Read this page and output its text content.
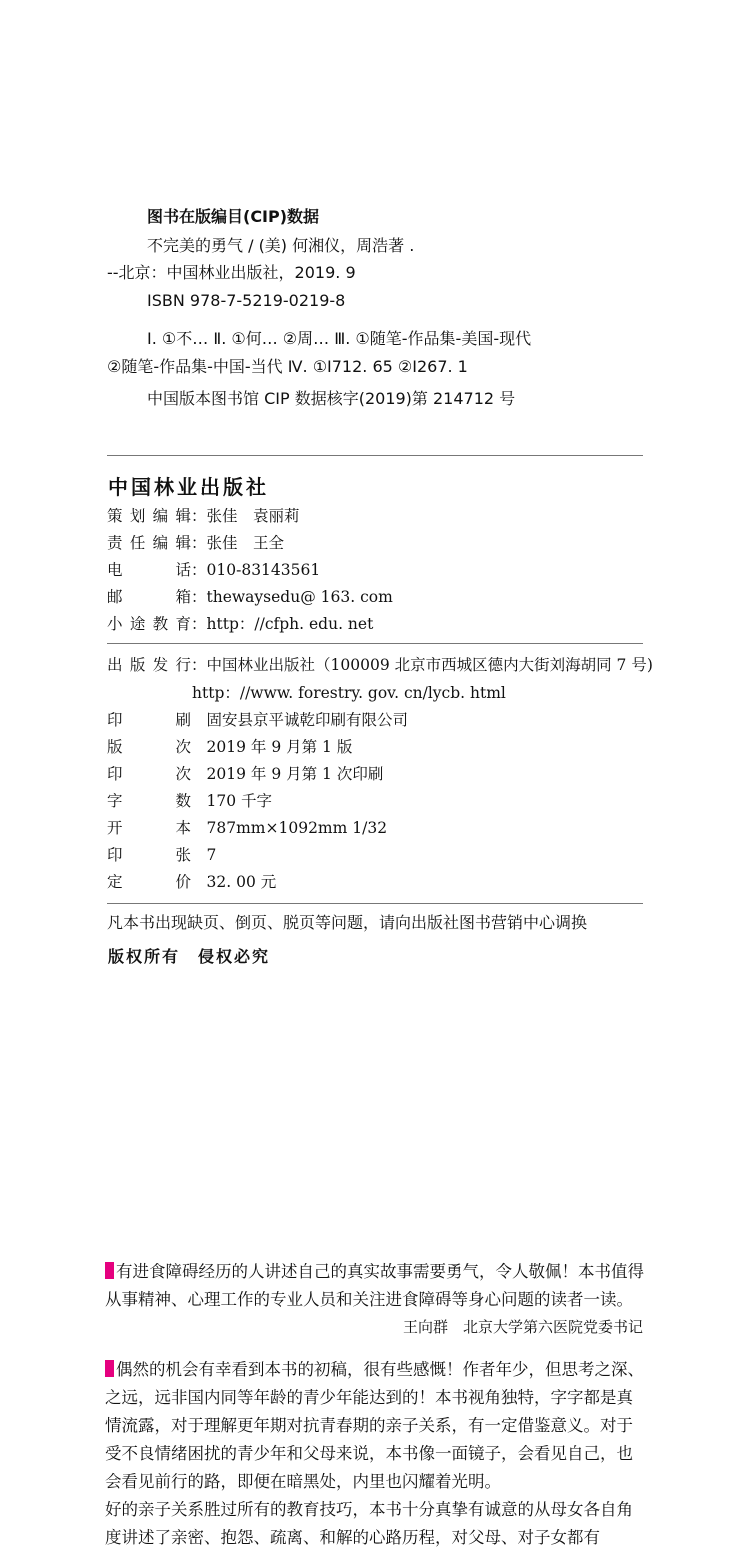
图书在版编目(CIP)数据
不完美的勇气 / (美) 何湘仪，周浩著 .
--北京：中国林业出版社，2019. 9
ISBN 978-7-5219-0219-8
Ⅰ. ①不… Ⅱ. ①何… ②周… Ⅲ. ①随笔-作品集-美国-现代
②随笔-作品集-中国-当代 Ⅳ. ①I712. 65 ②I267. 1
中国版本图书馆 CIP 数据核字(2019)第 214712 号
中国林业出版社
策划编辑：张佳　袁丽莉
责任编辑：张佳　王全
电　　话：010-83143561
邮　　箱：thewaysedu@ 163. com
小途教育：http：//cfph. edu. net
出版发行：中国林业出版社（100009 北京市西城区德内大街刘海胡同 7 号)
http：//www. forestry. gov. cn/lycb. html
印　　刷　 固安县京平诚乾印刷有限公司
版　　次　 2019 年 9 月第 1 版
印　　次　 2019 年 9 月第 1 次印刷
字　　数　 170 千字
开　　本　 787mm×1092mm 1/32
印　　张　 7
定　　价　 32. 00 元
凡本书出现缺页、倒页、脱页等问题，请向出版社图书营销中心调换
版权所有　侵权必究
有进食障碍经历的人讲述自己的真实故事需要勇气，令人敬佩！本书值得从事精神、心理工作的专业人员和关注进食障碍等身心问题的读者一读。
王向群　北京大学第六医院党委书记
偶然的机会有幸看到本书的初稿，很有些感慨！作者年少，但思考之深、之远，远非国内同等年龄的青少年能达到的！本书视角独特，字字都是真情流露，对于理解更年期对抗青春期的亲子关系，有一定借鉴意义。对于受不良情绪困扰的青少年和父母来说，本书像一面镜子，会看见自己，也会看见前行的路，即便在暗黑处，内里也闪耀着光明。
好的亲子关系胜过所有的教育技巧，本书十分真挚有诚意的从母女各自角度讲述了亲密、抱怨、疏离、和解的心路历程，对父母、对子女都有
